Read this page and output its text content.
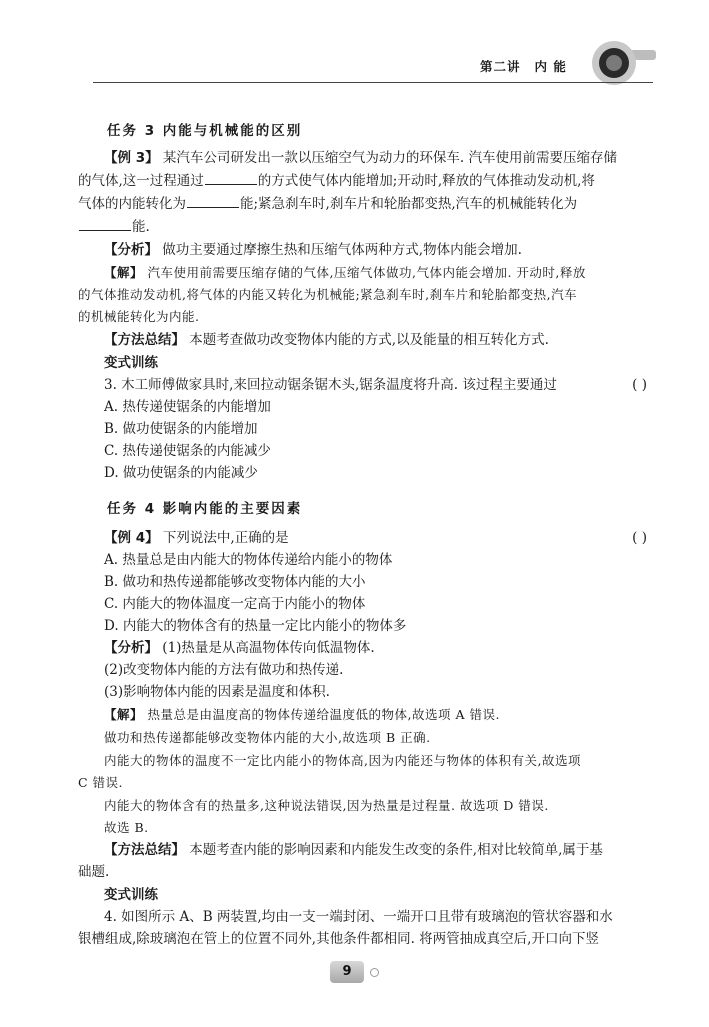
第二讲 内 能
任务 3 内能与机械能的区别
【例 3】 某汽车公司研发出一款以压缩空气为动力的环保车. 汽车使用前需要压缩存储
的气体,这一过程通过	的方式使气体内能增加;开动时,释放的气体推动发动机,将
气体的内能转化为	能;紧急刹车时,刹车片和轮胎都变热,汽车的机械能转化为
能.
【分析】 做功主要通过摩擦生热和压缩气体两种方式,物体内能会增加.
【解】 汽车使用前需要压缩存储的气体,压缩气体做功,气体内能会增加. 开动时,释放
的气体推动发动机,将气体的内能又转化为机械能;紧急刹车时,刹车片和轮胎都变热,汽车
的机械能转化为内能.
【方法总结】 本题考查做功改变物体内能的方式,以及能量的相互转化方式.
变式训练
3. 木工师傅做家具时,来回拉动锯条锯木头,锯条温度将升高. 该过程主要通过	( )
A. 热传递使锯条的内能增加
B. 做功使锯条的内能增加
C. 热传递使锯条的内能减少
D. 做功使锯条的内能减少
任务 4 影响内能的主要因素
【例 4】 下列说法中,正确的是	( )
A. 热量总是由内能大的物体传递给内能小的物体
B. 做功和热传递都能够改变物体内能的大小
C. 内能大的物体温度一定高于内能小的物体
D. 内能大的物体含有的热量一定比内能小的物体多
【分析】 (1)热量是从高温物体传向低温物体.
(2)改变物体内能的方法有做功和热传递.
(3)影响物体内能的因素是温度和体积.
【解】 热量总是由温度高的物体传递给温度低的物体,故选项 A 错误.
做功和热传递都能够改变物体内能的大小,故选项 B 正确.
内能大的物体的温度不一定比内能小的物体高,因为内能还与物体的体积有关,故选项
C 错误.
内能大的物体含有的热量多,这种说法错误,因为热量是过程量. 故选项 D 错误.
故选 B.
【方法总结】 本题考查内能的影响因素和内能发生改变的条件,相对比较简单,属于基
础题.
变式训练
4. 如图所示 A、B 两装置,均由一支一端封闭、一端开口且带有玻璃泡的管状容器和水
银槽组成,除玻璃泡在管上的位置不同外,其他条件都相同. 将两管抽成真空后,开口向下竖
9
